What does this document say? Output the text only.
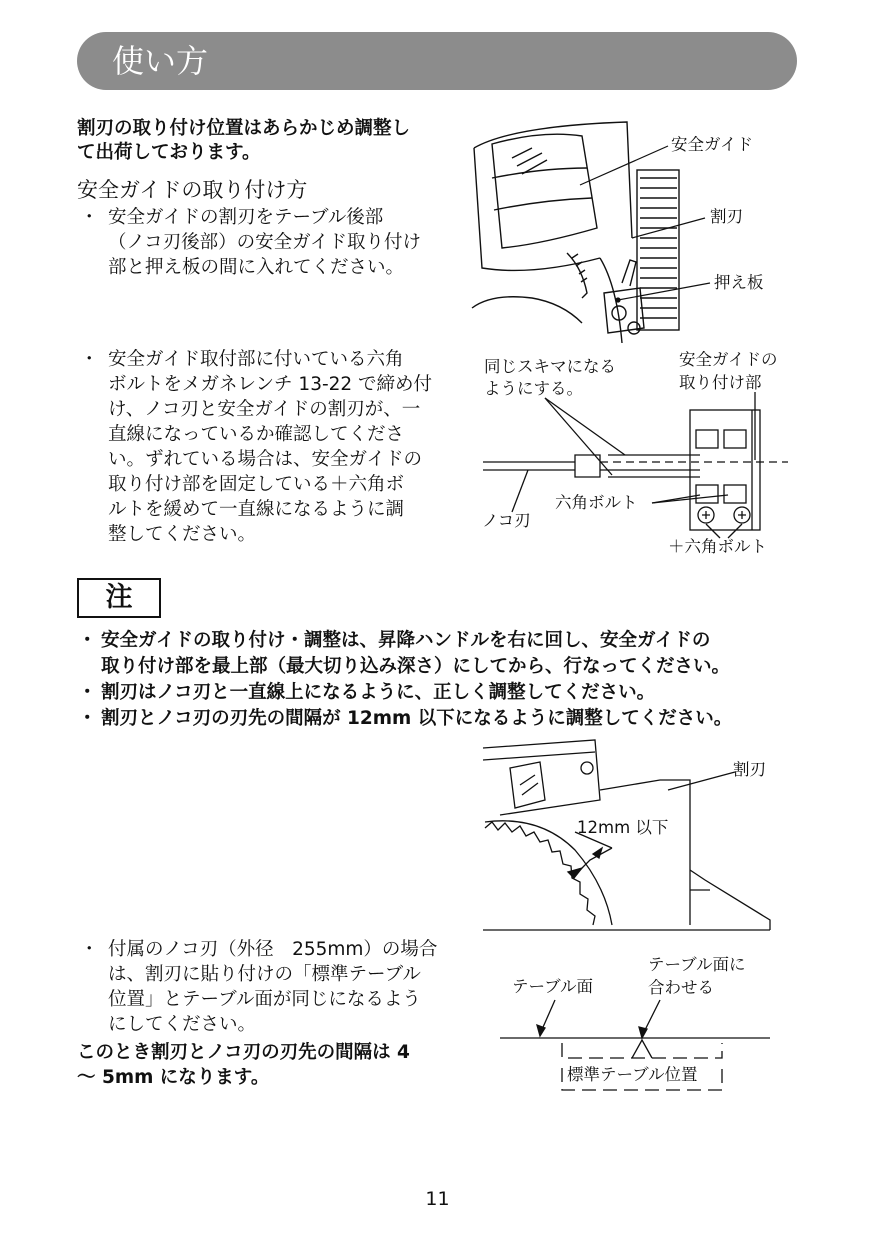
使い方
割刃の取り付け位置はあらかじめ調整し
て出荷しております。
安全ガイドの取り付け方
・ 安全ガイドの割刃をテーブル後部
（ノコ刃後部）の安全ガイド取り付け
部と押え板の間に入れてください。
・ 安全ガイド取付部に付いている六角
ボルトをメガネレンチ 13-22 で締め付
け、ノコ刃と安全ガイドの割刃が、一
直線になっているか確認してくださ
い。ずれている場合は、安全ガイドの
取り付け部を固定している＋六角ボ
ルトを緩めて一直線になるように調
整してください。
安全ガイド
割刃
押え板
同じスキマになる
ようにする。
安全ガイドの
取り付け部
六角ボルト
ノコ刃
＋六角ボルト
注
・ 安全ガイドの取り付け・調整は、昇降ハンドルを右に回し、安全ガイドの
取り付け部を最上部（最大切り込み深さ）にしてから、行なってください。
・ 割刃はノコ刃と一直線上になるように、正しく調整してください。
・ 割刃とノコ刃の刃先の間隔が 12mm 以下になるように調整してください。
割刃
12mm 以下
・ 付属のノコ刃（外径　255mm）の場合
は、割刃に貼り付けの「標準テーブル
位置」とテーブル面が同じになるよう
にしてください。
このとき割刃とノコ刃の刃先の間隔は 4
～ 5mm になります。
テーブル面
テーブル面に
合わせる
標準テーブル位置
11
